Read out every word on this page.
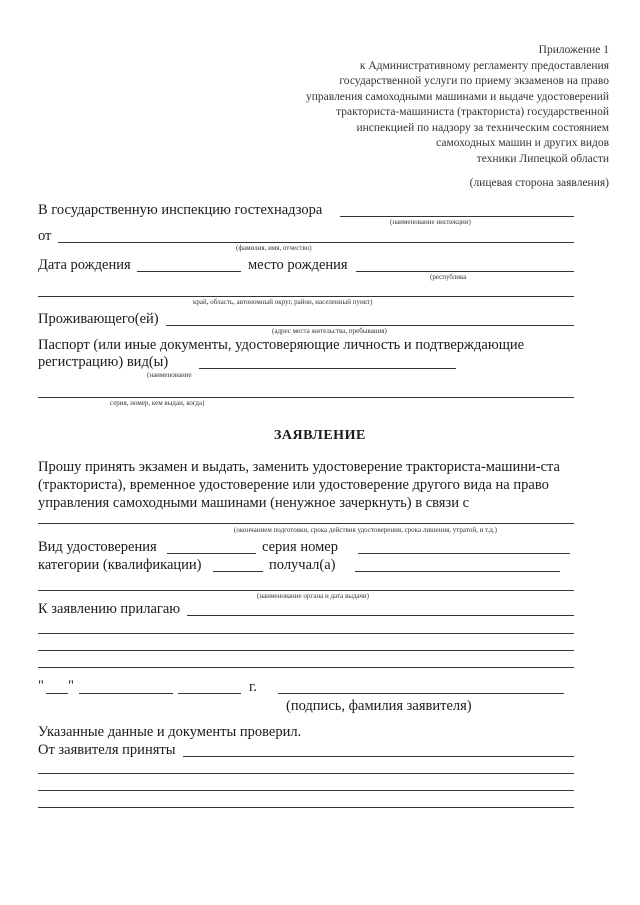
Приложение 1
к Административному регламенту предоставления
государственной услуги по приему экзаменов на право
управления самоходными машинами и выдаче удостоверений
тракториста-машиниста (тракториста) государственной
инспекцией по надзору за техническим состоянием
самоходных машин и других видов
техники Липецкой области
(лицевая сторона заявления)
В государственную инспекцию гостехнадзора
(наименование инспекции)
от
(фамилия, имя, отчество)
Дата рождения	место рождения
(республика
край, область, автономный округ, район, населенный пункт)
Проживающего(ей)
(адрес места жительства, пребывания)
Паспорт (или иные документы, удостоверяющие личность и подтверждающие
регистрацию) вид(ы)
(наименование
серия, номер, кем выдан, когда)
ЗАЯВЛЕНИЕ
Прошу принять экзамен и выдать, заменить удостоверение тракториста-машини-ста
(тракториста), временное удостоверение или удостоверение другого вида на право
управления самоходными машинами (ненужное зачеркнуть) в связи с
(окончанием подготовки, срока действия удостоверения, срока лишения, утратой, и т.д.)
Вид удостоверения	серия номер
категории (квалификации)	получал(а)
(наименование органа и дата выдачи)
К заявлению прилагаю
" "	г.
(подпись, фамилия заявителя)
Указанные данные и документы проверил.
От заявителя приняты
